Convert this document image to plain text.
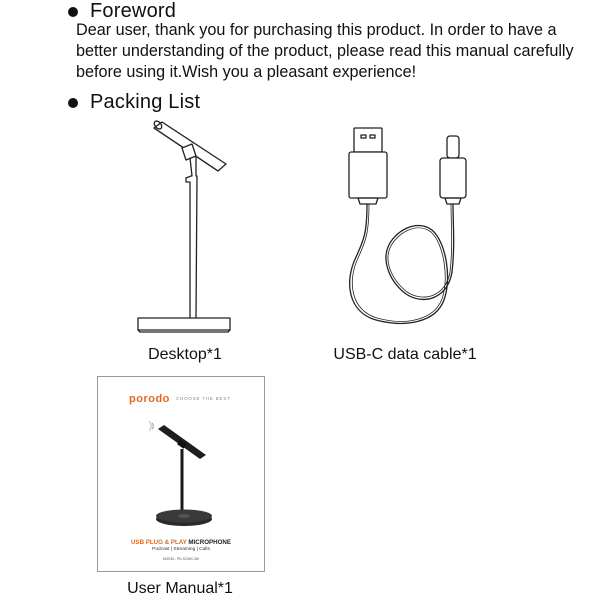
Foreword

Dear user, thank you for purchasing this product. In order to have a better understanding of the product, please read this manual carefully before using it.Wish you a pleasant experience!

Packing List
Desktop*1	USB-C data cable*1
porodo CHOOSE THE BEST
USB PLUG & PLAY MICROPHONE
Podcast | Streaming | Calls
MODEL: PD-SCMIC-BK
User Manual*1
